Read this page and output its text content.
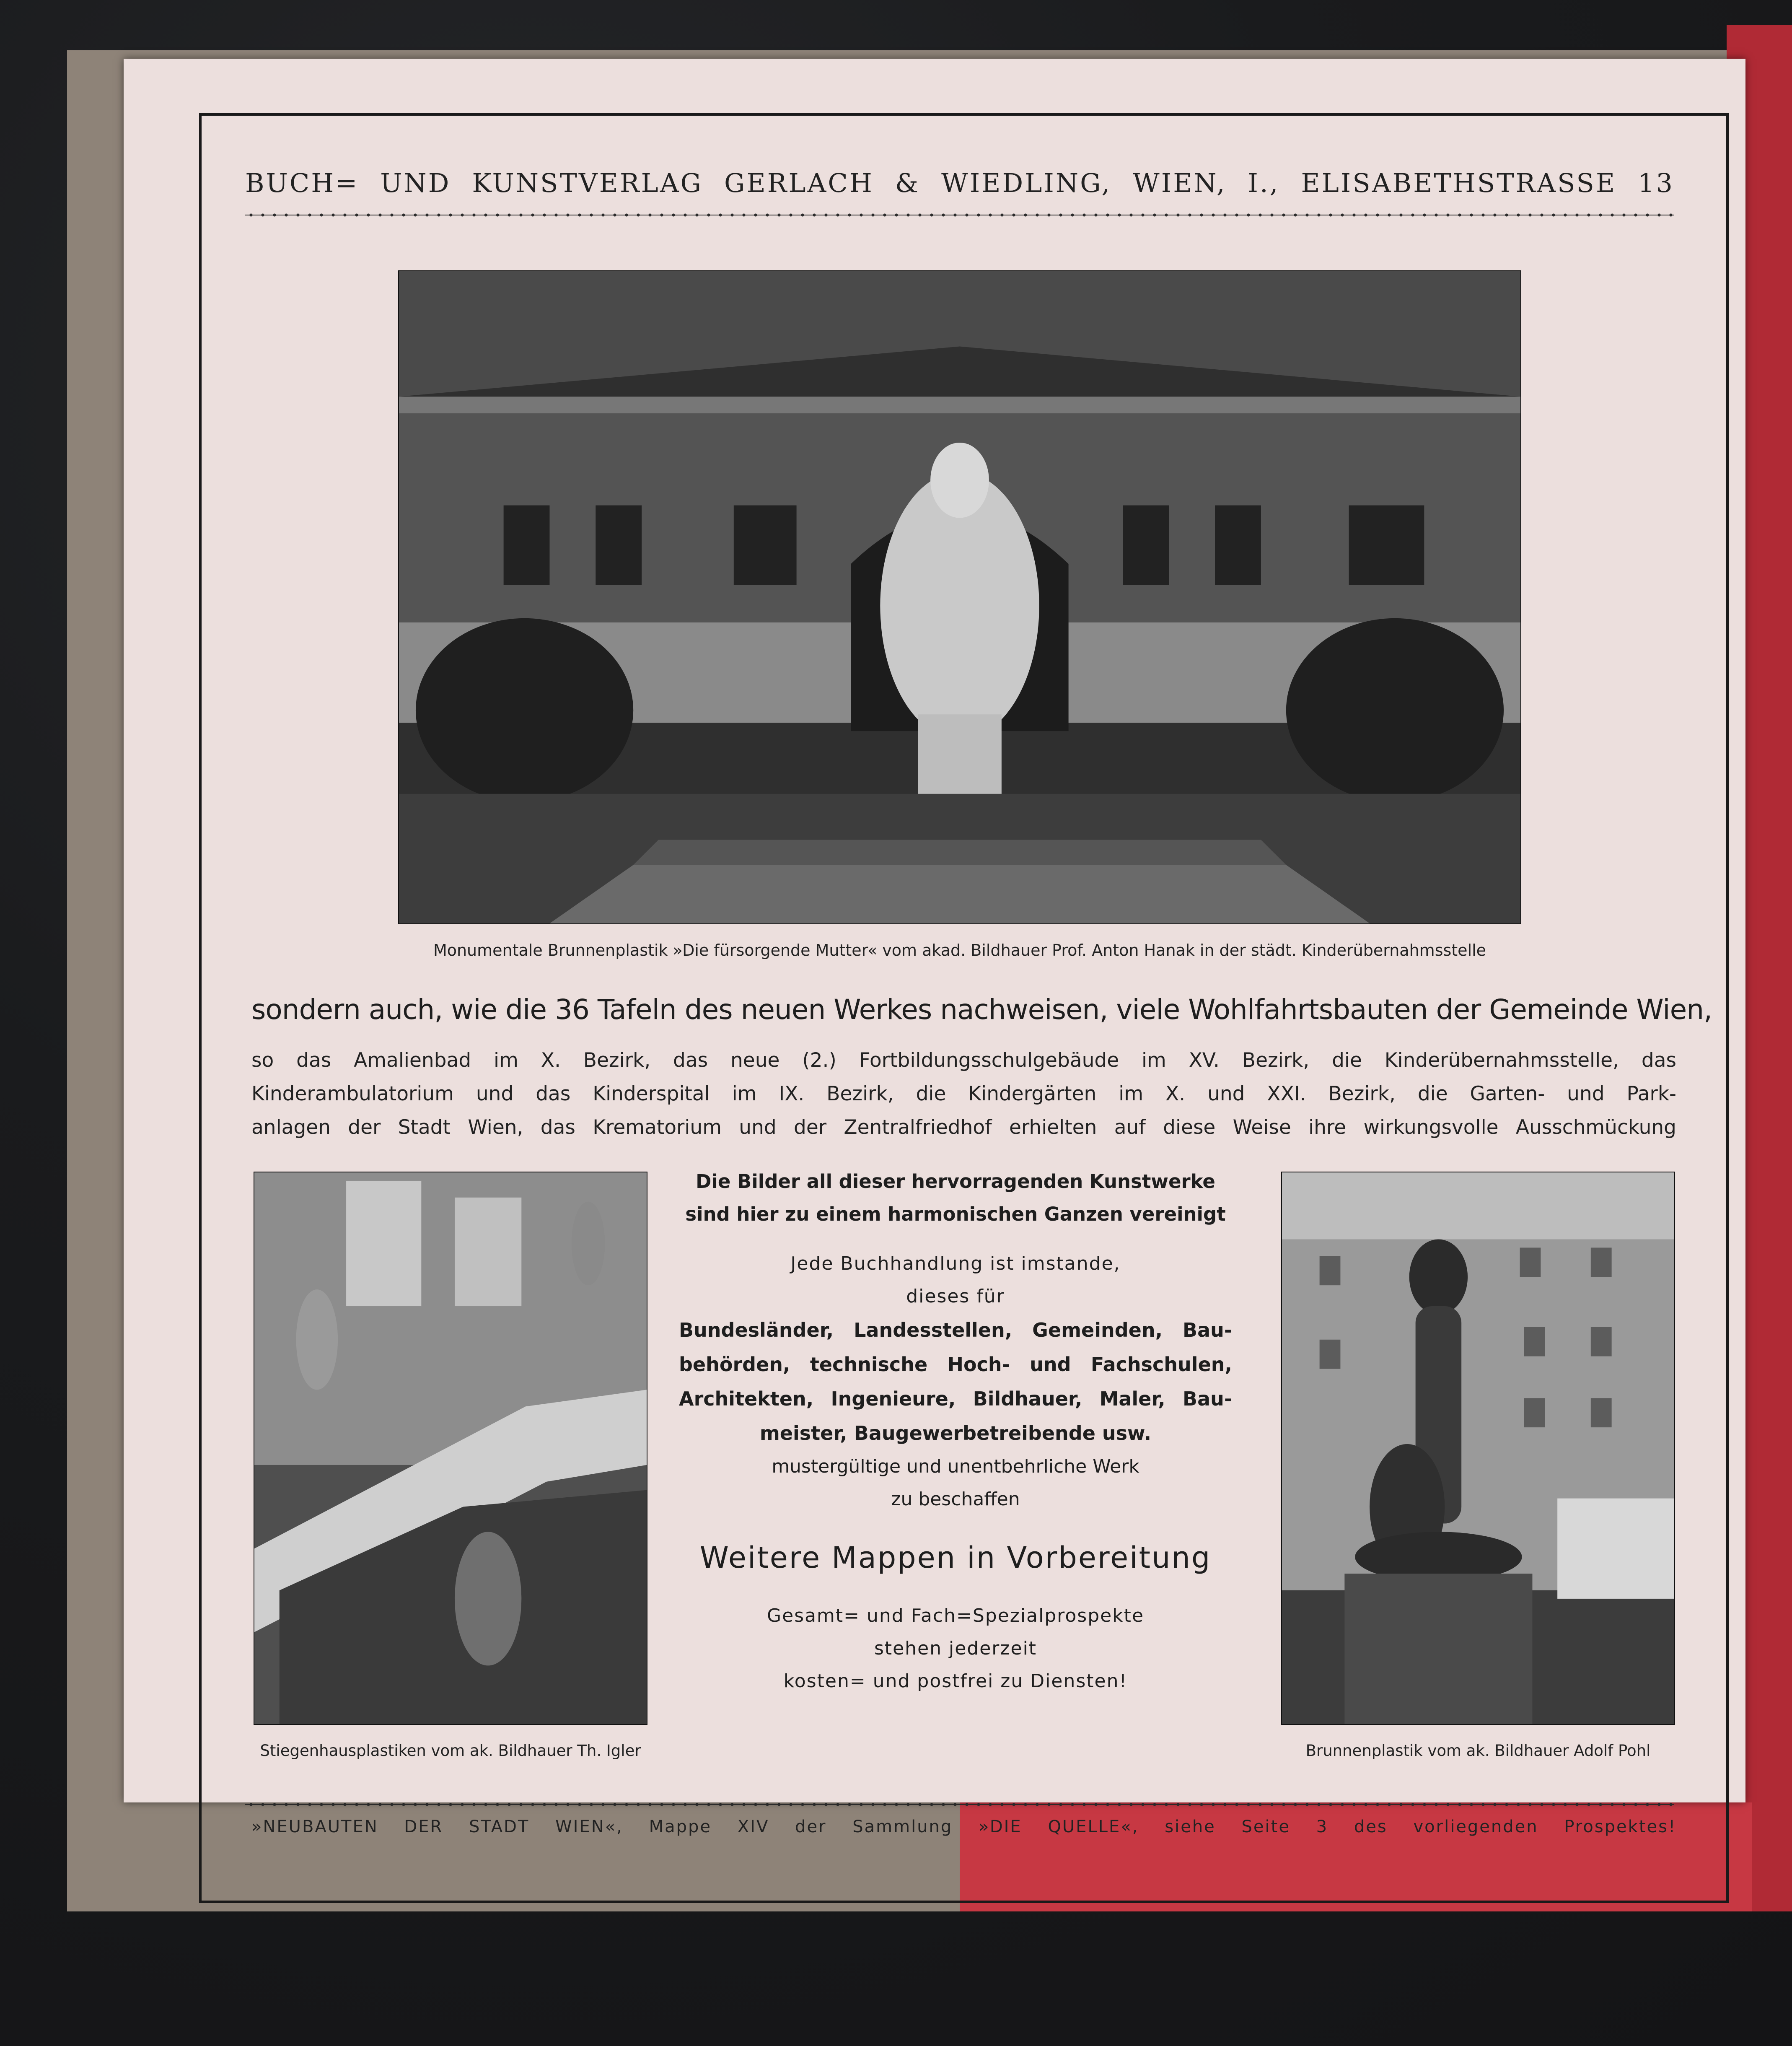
BUCH= UND KUNSTVERLAG GERLACH & WIEDLING, WIEN, I., ELISABETHSTRASSE 13
Monumentale Brunnenplastik »Die fürsorgende Mutter« vom akad. Bildhauer Prof. Anton Hanak in der städt. Kinderübernahmsstelle
sondern auch, wie die 36 Tafeln des neuen Werkes nachweisen, viele Wohlfahrtsbauten der Gemeinde Wien,
so das Amalienbad im X. Bezirk, das neue (2.) Fortbildungsschulgebäude im XV. Bezirk, die Kinderübernahmsstelle, das
Kinderambulatorium und das Kinderspital im IX. Bezirk, die Kindergärten im X. und XXI. Bezirk, die Garten- und Park-
anlagen der Stadt Wien, das Krematorium und der Zentralfriedhof erhielten auf diese Weise ihre wirkungsvolle Ausschmückung
Stiegenhausplastiken vom ak. Bildhauer Th. Igler	Brunnenplastik vom ak. Bildhauer Adolf Pohl
Die Bilder all dieser hervorragenden Kunstwerke
sind hier zu einem harmonischen Ganzen vereinigt
Jede Buchhandlung ist imstande,
dieses für
Bundesländer, Landesstellen, Gemeinden, Bau-
behörden, technische Hoch- und Fachschulen,
Architekten, Ingenieure, Bildhauer, Maler, Bau-
meister, Baugewerbetreibende usw.
mustergültige und unentbehrliche Werk
zu beschaffen
Weitere Mappen in Vorbereitung
Gesamt= und Fach=Spezialprospekte
stehen jederzeit
kosten= und postfrei zu Diensten!
»NEUBAUTEN DER STADT WIEN«, Mappe XIV der Sammlung »DIE QUELLE«, siehe Seite 3 des vorliegenden Prospektes!
